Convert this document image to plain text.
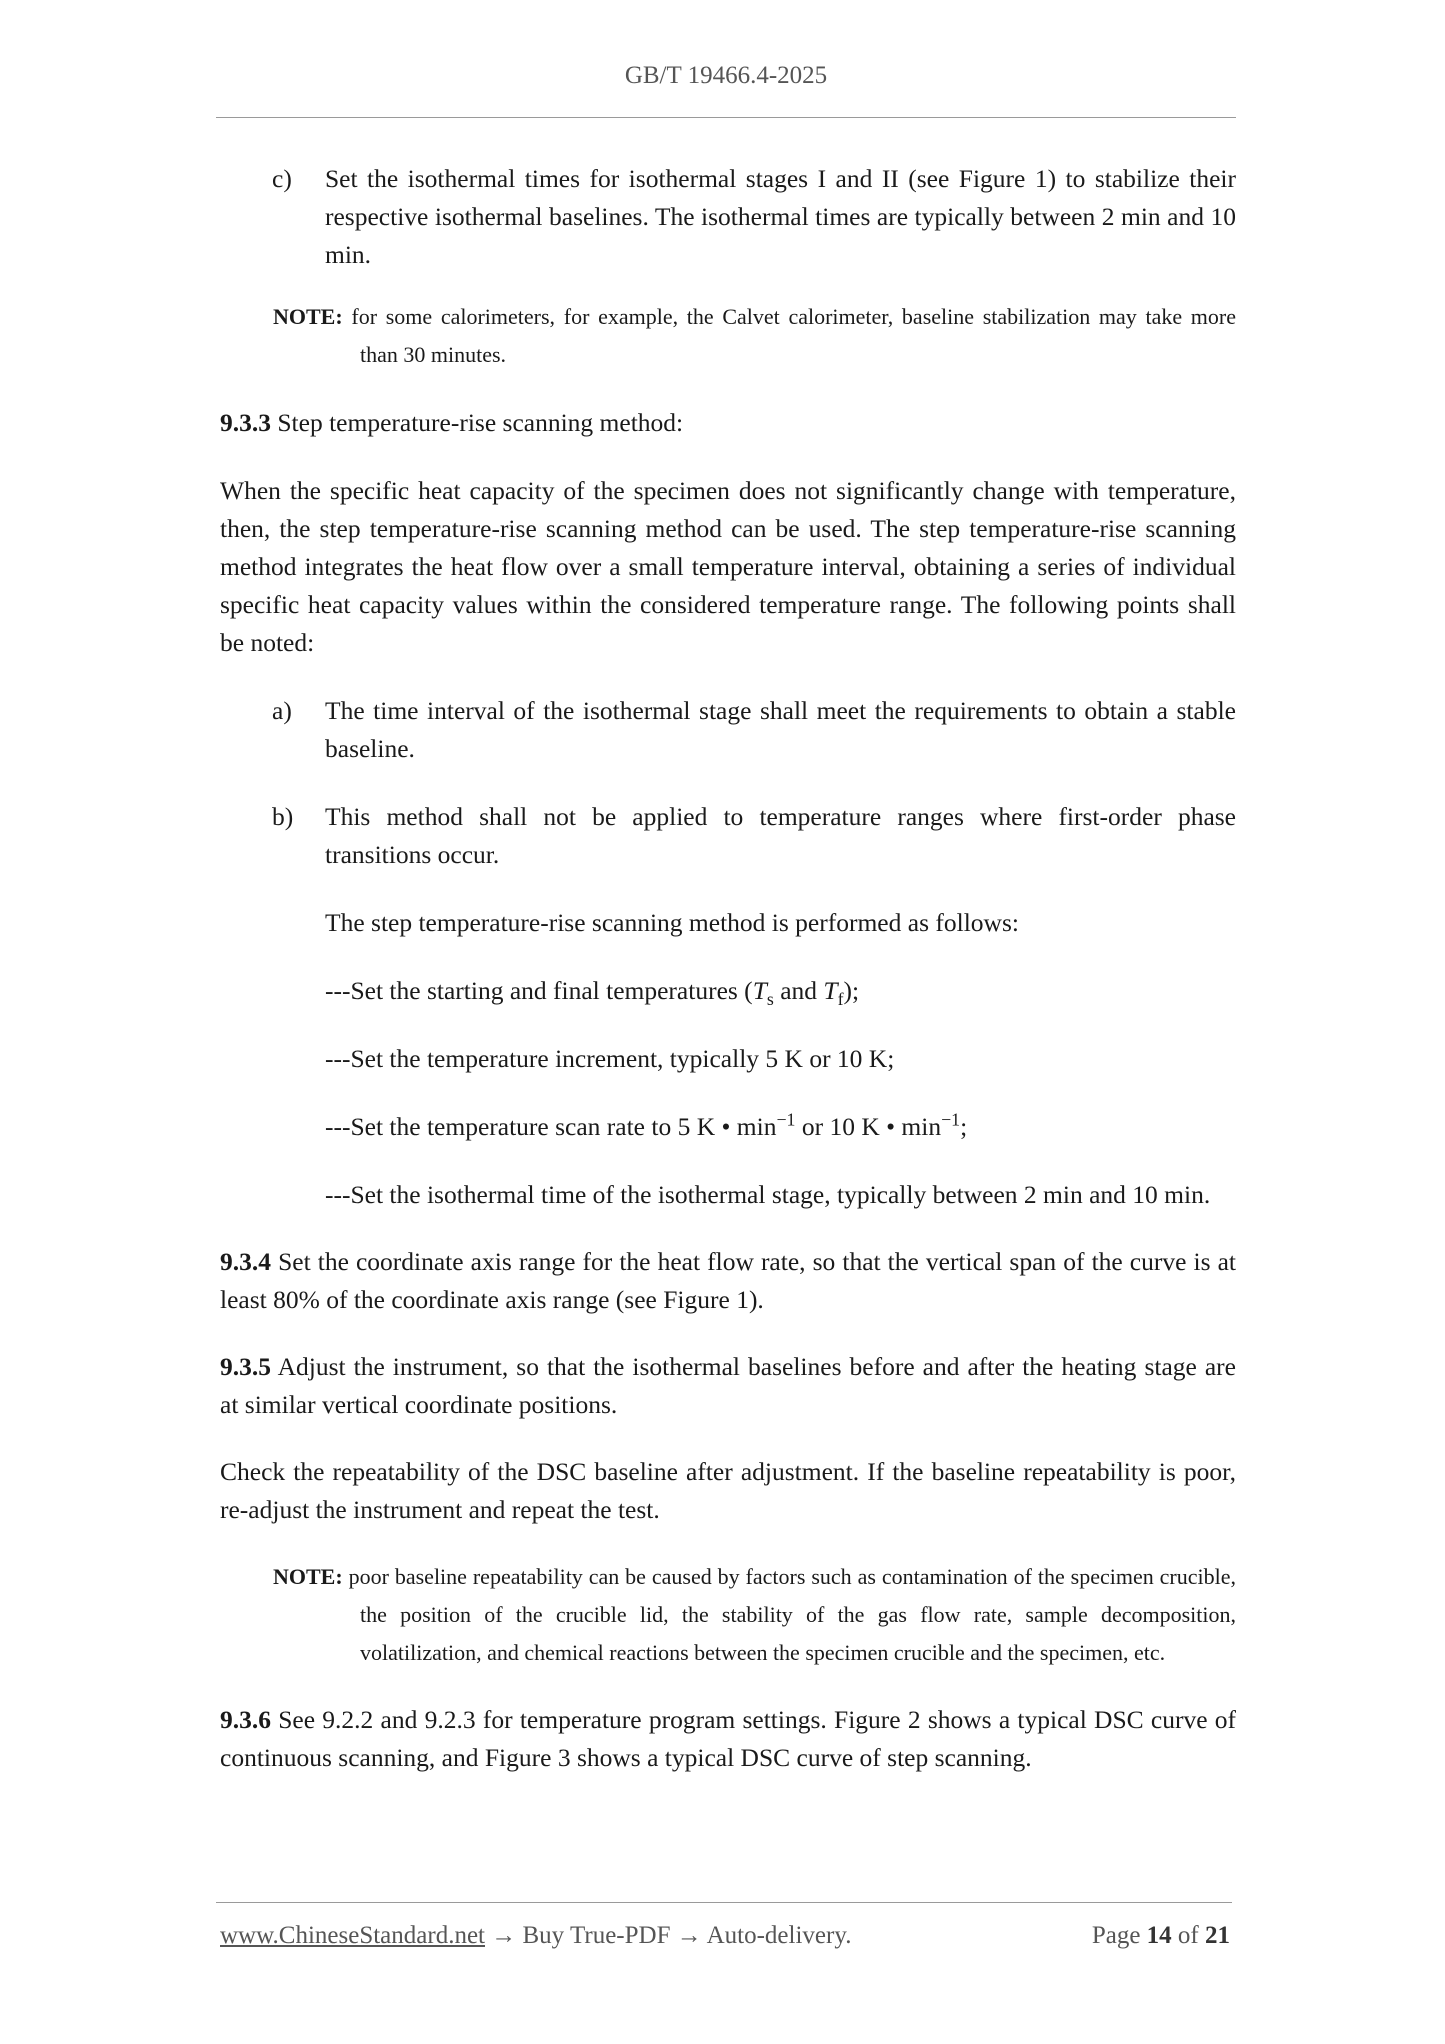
GB/T 19466.4-2025
c) Set the isothermal times for isothermal stages I and II (see Figure 1) to stabilize their respective isothermal baselines. The isothermal times are typically between 2 min and 10 min.
NOTE: for some calorimeters, for example, the Calvet calorimeter, baseline stabilization may take more than 30 minutes.

9.3.3 Step temperature-rise scanning method:

When the specific heat capacity of the specimen does not significantly change with temperature, then, the step temperature-rise scanning method can be used. The step temperature-rise scanning method integrates the heat flow over a small temperature interval, obtaining a series of individual specific heat capacity values within the considered temperature range. The following points shall be noted:

a) The time interval of the isothermal stage shall meet the requirements to obtain a stable baseline.
b) This method shall not be applied to temperature ranges where first-order phase transitions occur.
The step temperature-rise scanning method is performed as follows:
---Set the starting and final temperatures ($T_s$ and $T_f$);
---Set the temperature increment, typically 5 K or 10 K;
---Set the temperature scan rate to 5 K • $\min^{-1}$ or 10 K • $\min^{-1}$;
---Set the isothermal time of the isothermal stage, typically between 2 min and 10 min.

9.3.4 Set the coordinate axis range for the heat flow rate, so that the vertical span of the curve is at least 80% of the coordinate axis range (see Figure 1).

9.3.5 Adjust the instrument, so that the isothermal baselines before and after the heating stage are at similar vertical coordinate positions.

Check the repeatability of the DSC baseline after adjustment. If the baseline repeatability is poor, re-adjust the instrument and repeat the test.

NOTE: poor baseline repeatability can be caused by factors such as contamination of the specimen crucible, the position of the crucible lid, the stability of the gas flow rate, sample decomposition, volatilization, and chemical reactions between the specimen crucible and the specimen, etc.

9.3.6 See 9.2.2 and 9.2.3 for temperature program settings. Figure 2 shows a typical DSC curve of continuous scanning, and Figure 3 shows a typical DSC curve of step scanning.

www.ChineseStandard.net → Buy True-PDF → Auto-delivery.	Page 14 of 21
